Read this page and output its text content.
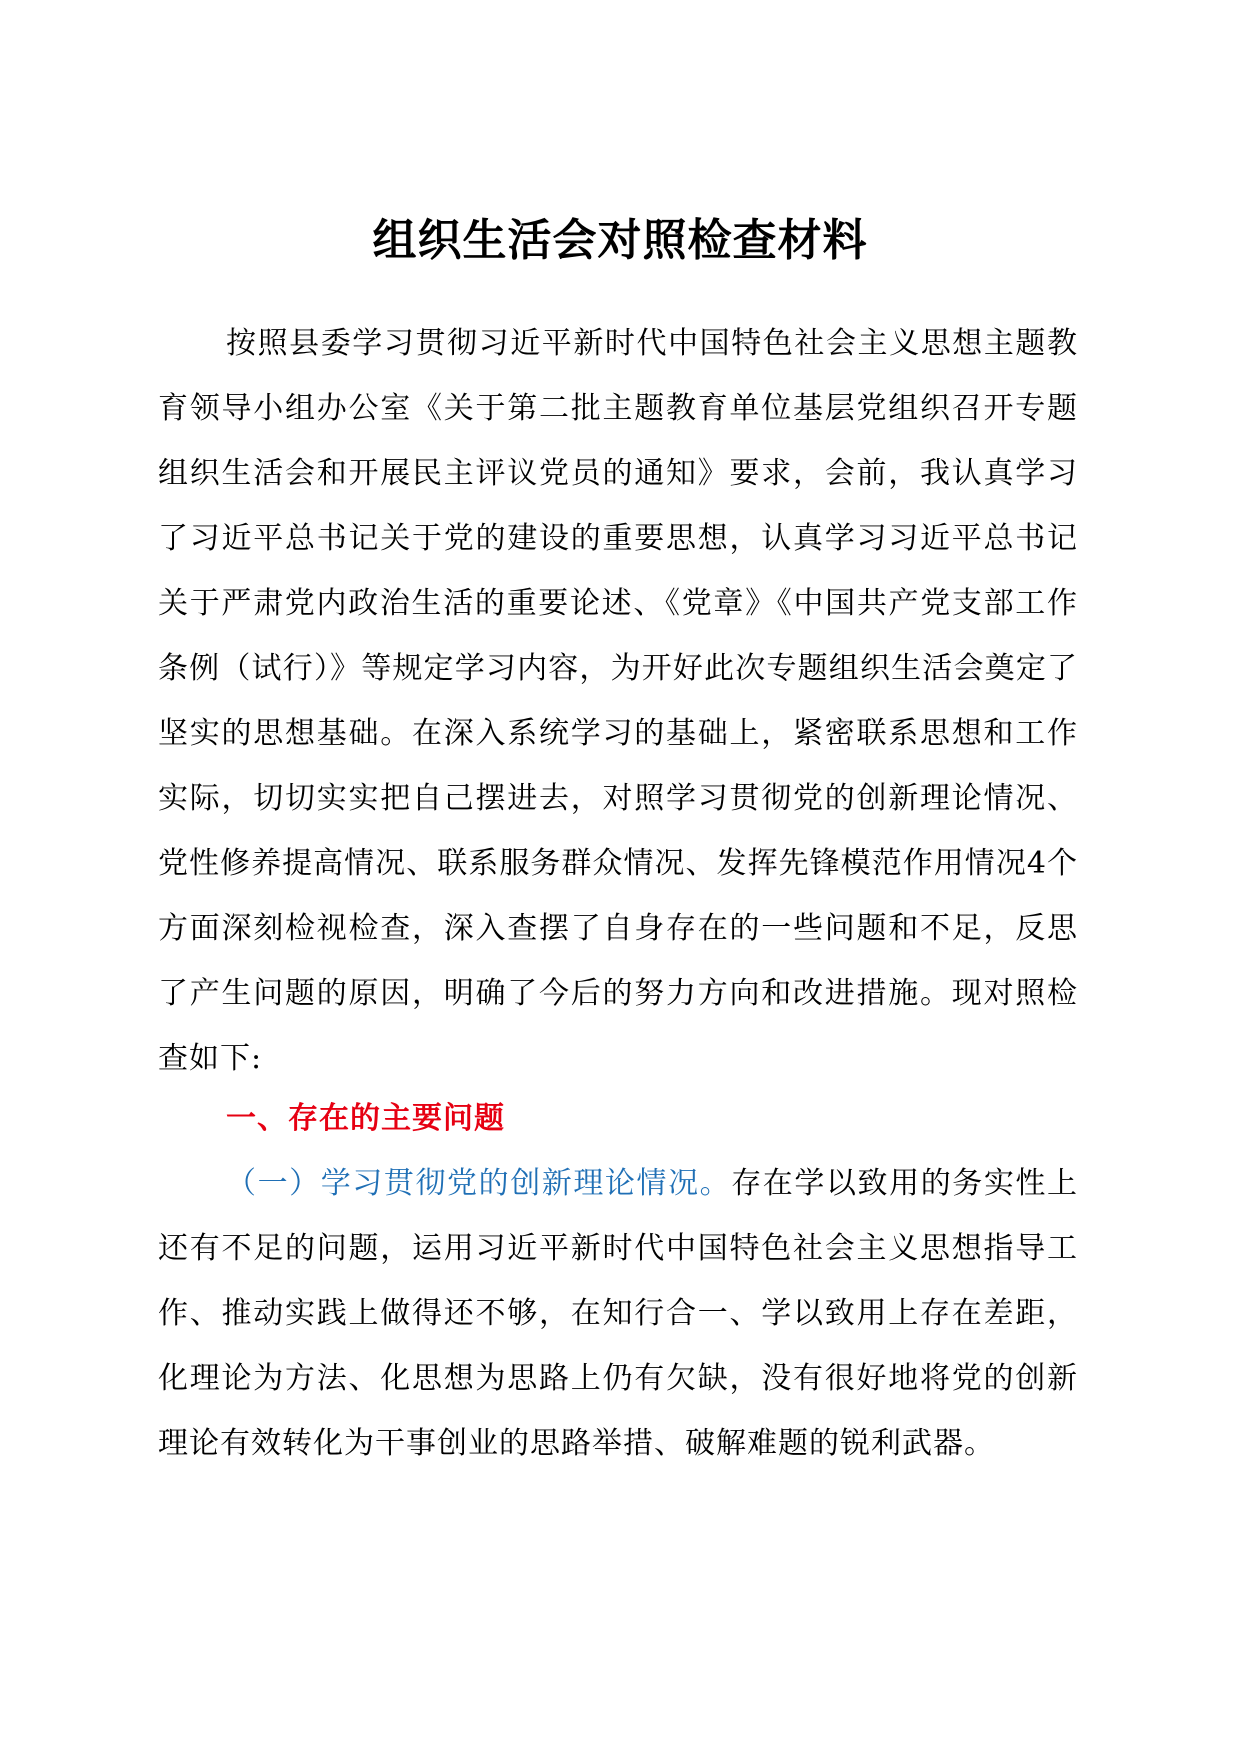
组织生活会对照检查材料

按照县委学习贯彻习近平新时代中国特色社会主义思想主题教育领导小组办公室《关于第二批主题教育单位基层党组织召开专题组织生活会和开展民主评议党员的通知》要求，会前，我认真学习了习近平总书记关于党的建设的重要思想，认真学习习近平总书记关于严肃党内政治生活的重要论述、《党章》《中国共产党支部工作条例（试行）》等规定学习内容，为开好此次专题组织生活会奠定了坚实的思想基础。在深入系统学习的基础上，紧密联系思想和工作实际，切切实实把自己摆进去，对照学习贯彻党的创新理论情况、党性修养提高情况、联系服务群众情况、发挥先锋模范作用情况4个方面深刻检视检查，深入查摆了自身存在的一些问题和不足，反思了产生问题的原因，明确了今后的努力方向和改进措施。现对照检查如下:

一、存在的主要问题

（一）学习贯彻党的创新理论情况。存在学以致用的务实性上还有不足的问题，运用习近平新时代中国特色社会主义思想指导工作、推动实践上做得还不够，在知行合一、学以致用上存在差距，化理论为方法、化思想为思路上仍有欠缺，没有很好地将党的创新理论有效转化为干事创业的思路举措、破解难题的锐利武器。
